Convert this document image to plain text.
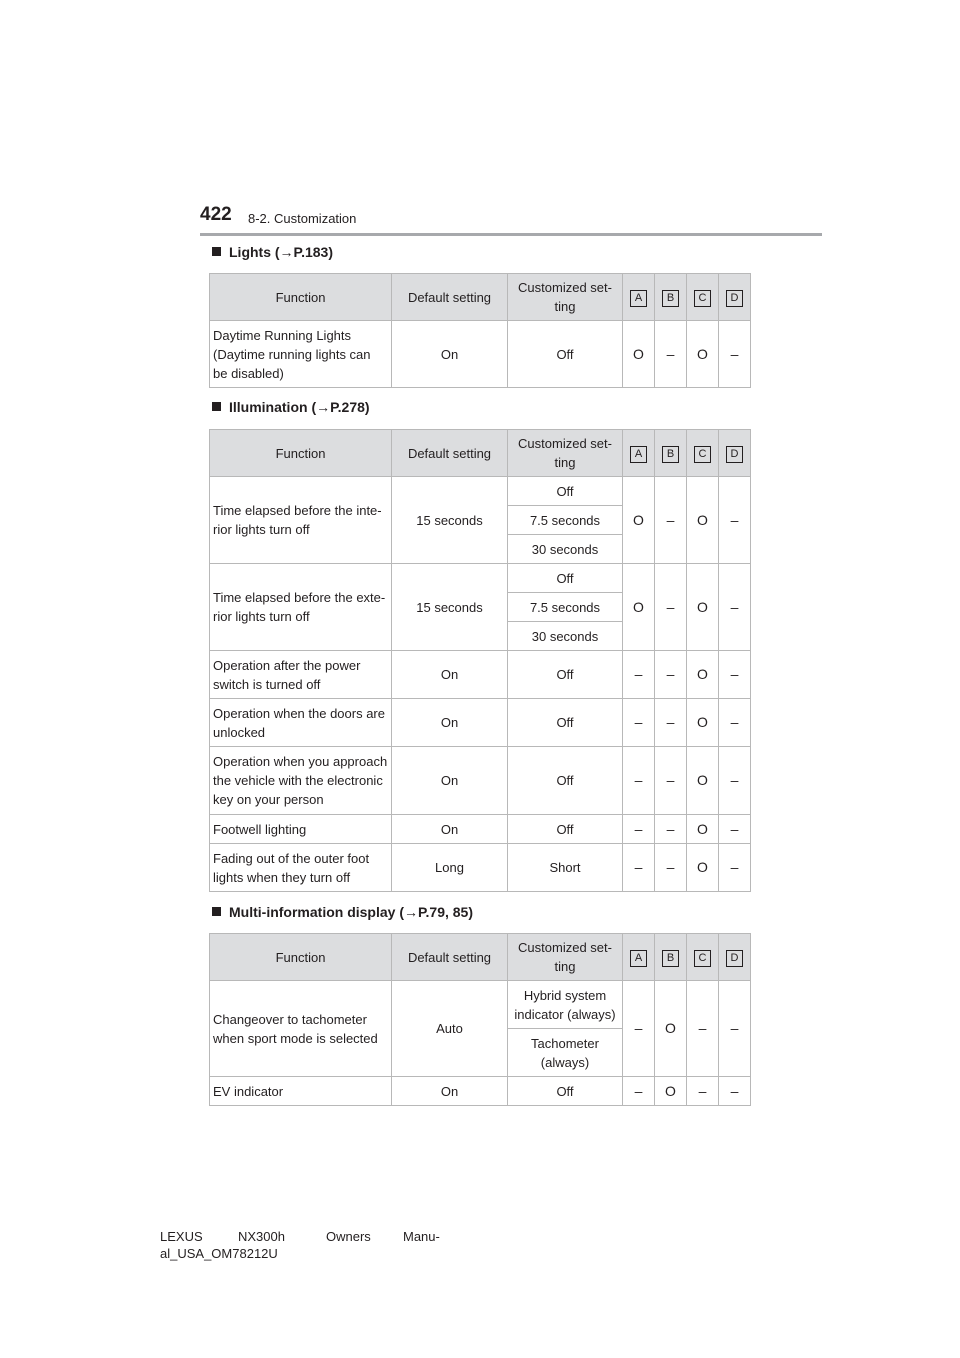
422 8-2. Customization
Lights (→P.183)
Function	Default setting	Customized set-ting	A	B	C	D
Daytime Running Lights (Daytime running lights can be disabled)	On	Off	O	–	O	–
Illumination (→P.278)
Function	Default setting	Customized set-ting	A	B	C	D
Time elapsed before the inte-rior lights turn off	15 seconds	Off	O	–	O	–
		7.5 seconds				
		30 seconds				
Time elapsed before the exte-rior lights turn off	15 seconds	Off	O	–	O	–
		7.5 seconds				
		30 seconds				
Operation after the power switch is turned off	On	Off	–	–	O	–
Operation when the doors are unlocked	On	Off	–	–	O	–
Operation when you approach the vehicle with the electronic key on your person	On	Off	–	–	O	–
Footwell lighting	On	Off	–	–	O	–
Fading out of the outer foot lights when they turn off	Long	Short	–	–	O	–
Multi-information display (→P.79, 85)
Function	Default setting	Customized set-ting	A	B	C	D
Changeover to tachometer when sport mode is selected	Auto	Hybrid system indicator (always)	–	O	–	–
		Tachometer (always)				
EV indicator	On	Off	–	O	–	–
LEXUS	NX300h	Owners Manu-
al_USA_OM78212U
